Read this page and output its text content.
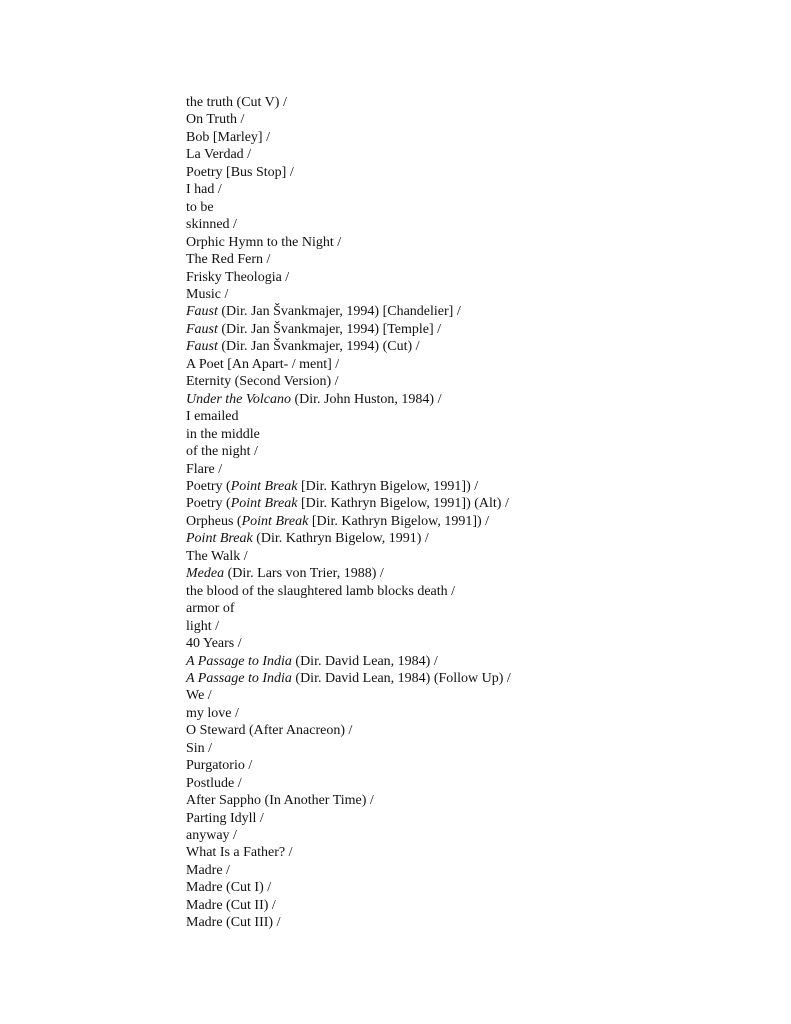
the truth (Cut V) /
On Truth /
Bob [Marley] /
La Verdad /
Poetry [Bus Stop] /
I had /
to be
skinned /
Orphic Hymn to the Night /
The Red Fern /
Frisky Theologia /
Music /
Faust (Dir. Jan Švankmajer, 1994) [Chandelier] /
Faust (Dir. Jan Švankmajer, 1994) [Temple] /
Faust (Dir. Jan Švankmajer, 1994) (Cut) /
A Poet [An Apart- / ment] /
Eternity (Second Version) /
Under the Volcano (Dir. John Huston, 1984) /
I emailed
in the middle
of the night /
Flare /
Poetry (Point Break [Dir. Kathryn Bigelow, 1991]) /
Poetry (Point Break [Dir. Kathryn Bigelow, 1991]) (Alt) /
Orpheus (Point Break [Dir. Kathryn Bigelow, 1991]) /
Point Break (Dir. Kathryn Bigelow, 1991) /
The Walk /
Medea (Dir. Lars von Trier, 1988) /
the blood of the slaughtered lamb blocks death /
armor of
light /
40 Years /
A Passage to India (Dir. David Lean, 1984) /
A Passage to India (Dir. David Lean, 1984) (Follow Up) /
We /
my love /
O Steward (After Anacreon) /
Sin /
Purgatorio /
Postlude /
After Sappho (In Another Time) /
Parting Idyll /
anyway /
What Is a Father? /
Madre /
Madre (Cut I) /
Madre (Cut II) /
Madre (Cut III) /
